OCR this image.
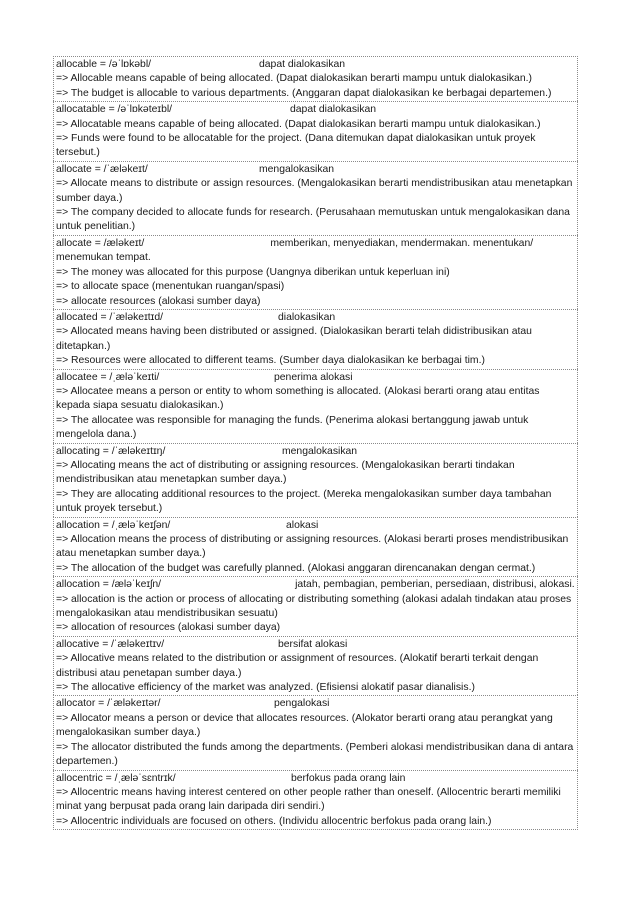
allocable = /əˈlɒkəbl/	dapat dialokasikan
=> Allocable means capable of being allocated. (Dapat dialokasikan berarti mampu untuk dialokasikan.)
=> The budget is allocable to various departments. (Anggaran dapat dialokasikan ke berbagai departemen.)
allocatable = /əˈlɒkəteɪbl/	dapat dialokasikan
=> Allocatable means capable of being allocated. (Dapat dialokasikan berarti mampu untuk dialokasikan.)
=> Funds were found to be allocatable for the project. (Dana ditemukan dapat dialokasikan untuk proyek tersebut.)
allocate = /ˈæləkeɪt/	mengalokasikan
=> Allocate means to distribute or assign resources. (Mengalokasikan berarti mendistribusikan atau menetapkan sumber daya.)
=> The company decided to allocate funds for research. (Perusahaan memutuskan untuk mengalokasikan dana untuk penelitian.)
allocate = /æləkeɪt/	memberikan, menyediakan, mendermakan. menentukan/ menemukan tempat.
=> The money was allocated for this purpose (Uangnya diberikan untuk keperluan ini)
=> to allocate space (menentukan ruangan/spasi)
=> allocate resources (alokasi sumber daya)
allocated = /ˈæləkeɪtɪd/	dialokasikan
=> Allocated means having been distributed or assigned. (Dialokasikan berarti telah didistribusikan atau ditetapkan.)
=> Resources were allocated to different teams. (Sumber daya dialokasikan ke berbagai tim.)
allocatee = /ˌæləˈkeɪti/	penerima alokasi
=> Allocatee means a person or entity to whom something is allocated. (Alokasi berarti orang atau entitas kepada siapa sesuatu dialokasikan.)
=> The allocatee was responsible for managing the funds. (Penerima alokasi bertanggung jawab untuk mengelola dana.)
allocating = /ˈæləkeɪtɪŋ/	mengalokasikan
=> Allocating means the act of distributing or assigning resources. (Mengalokasikan berarti tindakan mendistribusikan atau menetapkan sumber daya.)
=> They are allocating additional resources to the project. (Mereka mengalokasikan sumber daya tambahan untuk proyek tersebut.)
allocation = /ˌæləˈkeɪʃən/	alokasi
=> Allocation means the process of distributing or assigning resources. (Alokasi berarti proses mendistribusikan atau menetapkan sumber daya.)
=> The allocation of the budget was carefully planned. (Alokasi anggaran direncanakan dengan cermat.)
allocation = /æləˈkeɪʃn/	jatah, pembagian, pemberian, persediaan, distribusi, alokasi.
=> allocation is the action or process of allocating or distributing something (alokasi adalah tindakan atau proses mengalokasikan atau mendistribusikan sesuatu)
=> allocation of resources (alokasi sumber daya)
allocative = /ˈæləkeɪtɪv/	bersifat alokasi
=> Allocative means related to the distribution or assignment of resources. (Alokatif berarti terkait dengan distribusi atau penetapan sumber daya.)
=> The allocative efficiency of the market was analyzed. (Efisiensi alokatif pasar dianalisis.)
allocator = /ˈæləkeɪtər/	pengalokasi
=> Allocator means a person or device that allocates resources. (Alokator berarti orang atau perangkat yang mengalokasikan sumber daya.)
=> The allocator distributed the funds among the departments. (Pemberi alokasi mendistribusikan dana di antara departemen.)
allocentric = /ˌæləˈsɛntrɪk/	berfokus pada orang lain
=> Allocentric means having interest centered on other people rather than oneself. (Allocentric berarti memiliki minat yang berpusat pada orang lain daripada diri sendiri.)
=> Allocentric individuals are focused on others. (Individu allocentric berfokus pada orang lain.)
